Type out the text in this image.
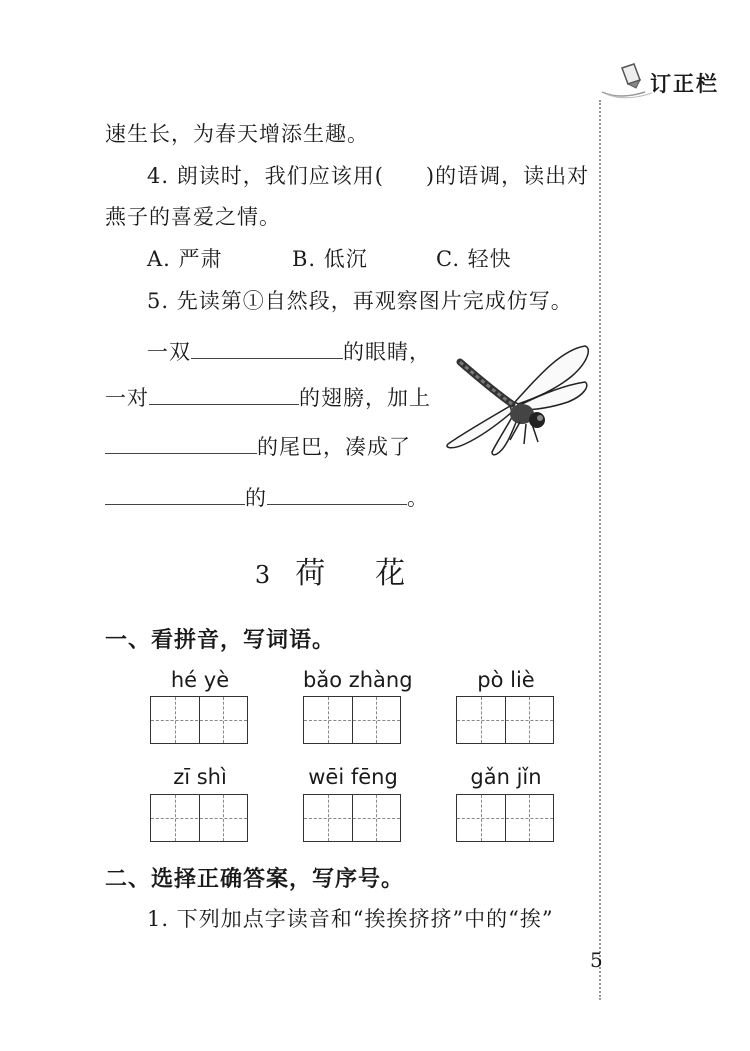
订正栏
速生长，为春天增添生趣。
4. 朗读时，我们应该用( )的语调，读出对
燕子的喜爱之情。
A. 严肃	B. 低沉	C. 轻快
5. 先读第①自然段，再观察图片完成仿写。
一双	的眼睛，
一对	的翅膀，加上
的尾巴，凑成了
的	。
3 荷　花
一、看拼音，写词语。
hé yè	bǎo zhàng	pò liè
zī shì	wēi fēng	gǎn jǐn
二、选择正确答案，写序号。
1. 下列加点字读音和“挨挨挤挤”中的“挨”
5
